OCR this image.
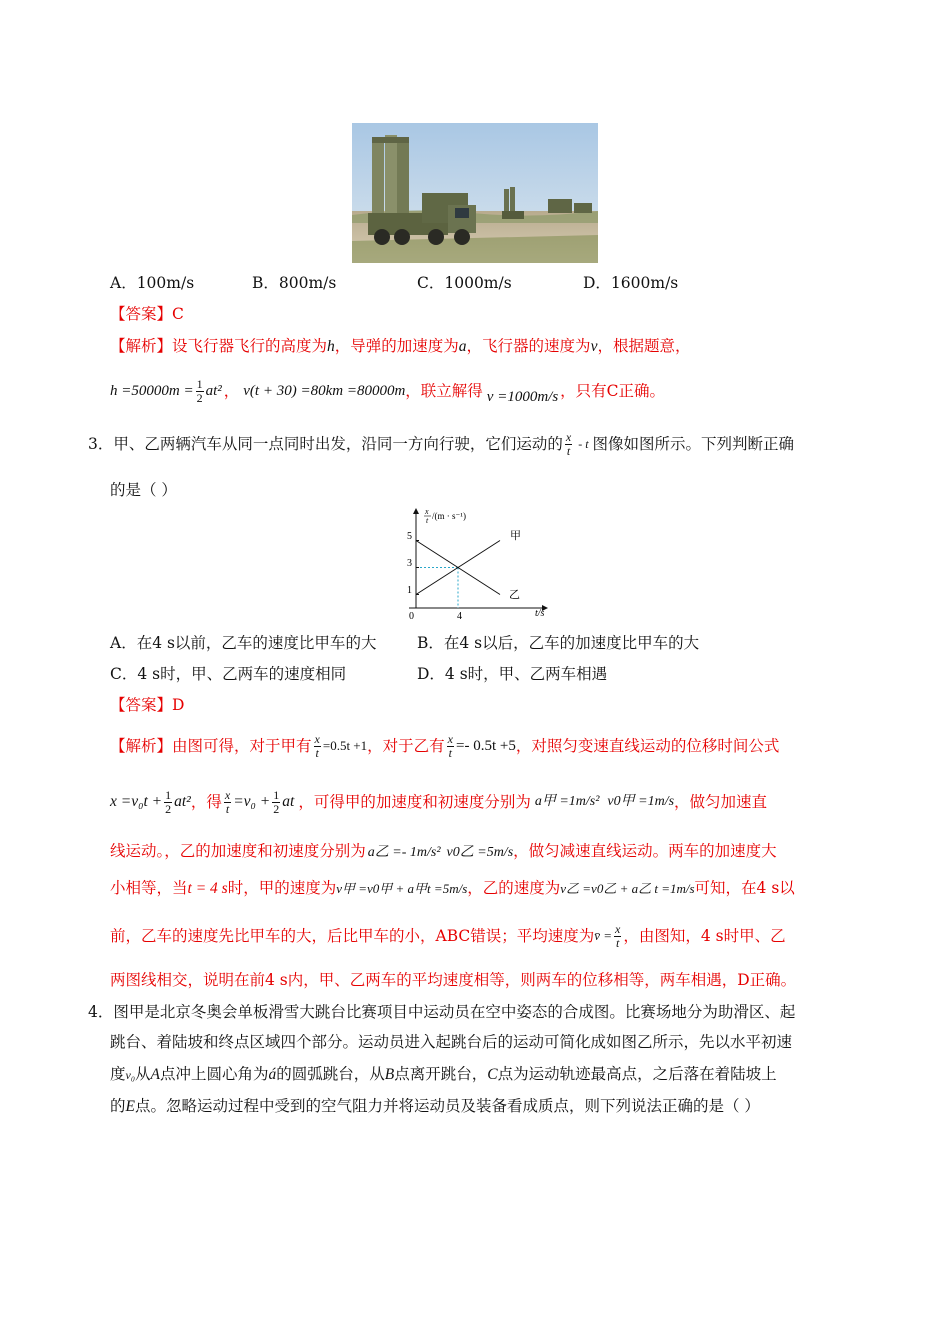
A．100m/s	B．800m/s	C．1000m/s	D．1600m/s
【答案】C
【解析】设飞行器飞行的高度为h，导弹的加速度为a，飞行器的速度为v，根据题意，
$h =50000m = \frac{1}{2} at^2$ ， v(t + 30) =80km =80000m ，联立解得 v =1000m/s ，只有C正确。
3．甲、乙两辆汽车从同一点同时出发，沿同一方向行驶，它们运动的 $\frac{x}{t}$ - t 图像如图所示。下列判断正确
的是（ ）
x
t /(m · s⁻¹)
t/s
5
3
1
0	4
甲
乙
A．在4 s以前，乙车的速度比甲车的大	B．在4 s以后，乙车的加速度比甲车的大
C．4 s时，甲、乙两车的速度相同	D．4 s时，甲、乙两车相遇
【答案】D
【解析】 由图可得，对于甲有 $\frac{x}{t} =0.5t +1$ ，对于乙有 $\frac{x}{t} =- 0.5t +5$ ，对照匀变速直线运动的位移时间公式
$x =v_0t + \frac{1}{2} at^2$ ，得 $\frac{x}{t} =v_0 + \frac{1}{2}$ at ，可得甲的加速度和初速度分别为 a甲 =1m/s² v0甲 =1m/s ，做匀加速直
线运动。，乙的加速度和初速度分别为 a乙 =- 1m/s² v0乙 =5m/s，做匀减速直线运动。两车的加速度大
小相等，当t = 4 s时，甲的速度为v甲 =v0甲 + a甲t =5m/s，乙的速度为v乙 =v0乙 + a乙 t =1m/s可知，在4 s以
前，乙车的速度先比甲车的大，后比甲车的小，ABC错误；平均速度为 v̄ = $\frac{x}{t}$ ，由图知，4 s时甲、乙
两图线相交，说明在前4 s内，甲、乙两车的平均速度相等，则两车的位移相等，两车相遇，D正确。
4．图甲是北京冬奥会单板滑雪大跳台比赛项目中运动员在空中姿态的合成图。比赛场地分为助滑区、起
跳台、着陆坡和终点区域四个部分。运动员进入起跳台后的运动可简化成如图乙所示，先以水平初速
度v₀从A点冲上圆心角为á的圆弧跳台，从B点离开跳台，C点为运动轨迹最高点，之后落在着陆坡上
的E点。忽略运动过程中受到的空气阻力并将运动员及装备看成质点，则下列说法正确的是（ ）
